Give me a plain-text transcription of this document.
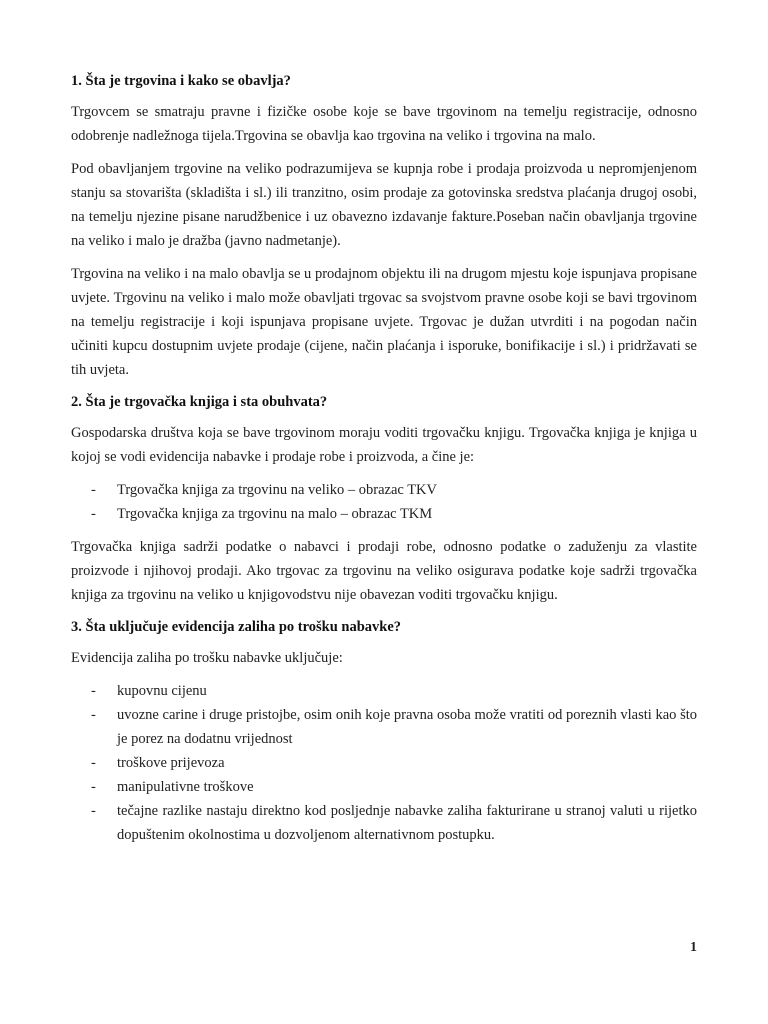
1. Šta je trgovina i kako se obavlja?

Trgovcem se smatraju pravne i fizičke osobe koje se bave trgovinom na temelju registracije, odnosno odobrenje nadležnoga tijela.Trgovina se obavlja kao trgovina na veliko i trgovina na malo.

Pod obavljanjem trgovine na veliko podrazumijeva se kupnja robe i prodaja proizvoda u nepromjenjenom stanju sa stovarišta (skladišta i sl.) ili tranzitno, osim prodaje za gotovinska sredstva plaćanja drugoj osobi, na temelju njezine pisane narudžbenice i uz obavezno izdavanje fakture.Poseban način obavljanja trgovine na veliko i malo je dražba (javno nadmetanje).

Trgovina na veliko i na malo obavlja se u prodajnom objektu ili na drugom mjestu koje ispunjava propisane uvjete. Trgovinu na veliko i malo može obavljati trgovac sa svojstvom pravne osobe koji se bavi trgovinom na temelju registracije i koji ispunjava propisane uvjete. Trgovac je dužan utvrditi i na pogodan način učiniti kupcu dostupnim uvjete prodaje (cijene, način plaćanja i isporuke, bonifikacije i sl.) i pridržavati se tih uvjeta.

2. Šta je trgovačka knjiga i sta obuhvata?

Gospodarska društva koja se bave trgovinom moraju voditi trgovačku knjigu. Trgovačka knjiga je knjiga u kojoj se vodi evidencija nabavke i prodaje robe i proizvoda, a čine je:

- Trgovačka knjiga za trgovinu na veliko – obrazac TKV
- Trgovačka knjiga za trgovinu na malo – obrazac TKM

Trgovačka knjiga sadrži podatke o nabavci i prodaji robe, odnosno podatke o zaduženju za vlastite proizvode i njihovoj prodaji. Ako trgovac za trgovinu na veliko osigurava podatke koje sadrži trgovačka knjiga za trgovinu na veliko u knjigovodstvu nije obavezan voditi trgovačku knjigu.

3. Šta uključuje evidencija zaliha po trošku nabavke?

Evidencija zaliha po trošku nabavke uključuje:

- kupovnu cijenu
- uvozne carine i druge pristojbe, osim onih koje pravna osoba može vratiti od poreznih vlasti kao što je porez na dodatnu vrijednost
- troškove prijevoza
- manipulativne troškove
- tečajne razlike nastaju direktno kod posljednje nabavke zaliha fakturirane u stranoj valuti u rijetko dopuštenim okolnostima u dozvoljenom alternativnom postupku.
1
